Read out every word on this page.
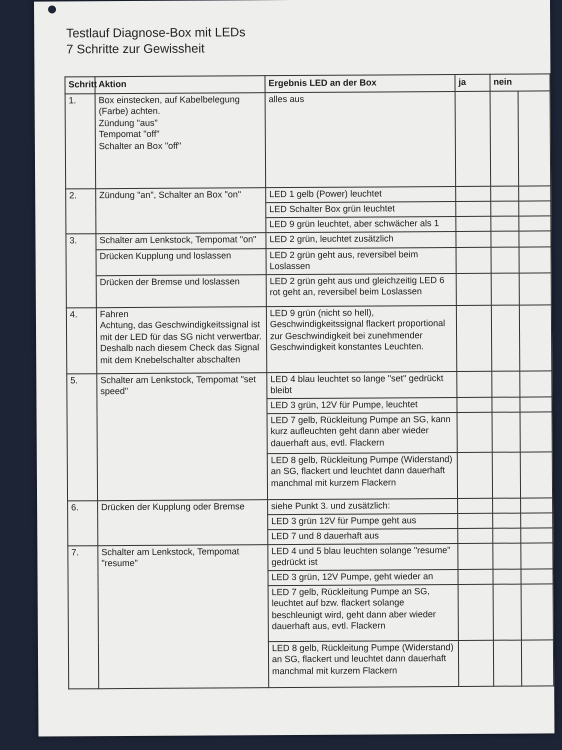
Testlauf Diagnose-Box mit LEDs
7 Schritte zur Gewissheit
Schritt	Aktion	Ergebnis LED an der Box	ja	nein	
1.	Box einstecken, auf Kabelbelegung (Farbe) achten.
Zündung "aus"
Tempomat "off"
Schalter an Box "off"	alles aus			
2.	Zündung "an", Schalter an Box "on"	LED 1 gelb (Power) leuchtet			
		LED Schalter Box grün leuchtet			
		LED 9 grün leuchtet, aber schwächer als 1			
3.	Schalter am Lenkstock, Tempomat "on"	LED 2 grün, leuchtet zusätzlich			
	Drücken Kupplung und loslassen	LED 2 grün geht aus, reversibel beim Loslassen			
	Drücken der Bremse und loslassen	LED 2 grün geht aus und gleichzeitig LED 6 rot geht an, reversibel beim Loslassen			
4.	Fahren
Achtung, das Geschwindigkeitssignal ist mit der LED für das SG nicht verwertbar. Deshalb nach diesem Check das Signal mit dem Knebelschalter abschalten	LED 9 grün (nicht so hell),
Geschwindigkeitssignal flackert proportional zur Geschwindigkeit bei zunehmender Geschwindigkeit konstantes Leuchten.			
5.	Schalter am Lenkstock, Tempomat "set speed"	LED 4 blau leuchtet so lange "set" gedrückt bleibt			
		LED 3 grün, 12V für Pumpe, leuchtet			
		LED 7 gelb, Rückleitung Pumpe an SG, kann kurz aufleuchten geht dann aber wieder dauerhaft aus, evtl. Flackern			
		LED 8 gelb, Rückleitung Pumpe (Widerstand) an SG, flackert und leuchtet dann dauerhaft manchmal mit kurzem Flackern			
6.	Drücken der Kupplung oder Bremse	siehe Punkt 3. und zusätzlich:			
		LED 3 grün 12V für Pumpe geht aus			
		LED 7 und 8 dauerhaft aus			
7.	Schalter am Lenkstock, Tempomat "resume"	LED 4 und 5 blau leuchten solange "resume" gedrückt ist			
		LED 3 grün, 12V Pumpe, geht wieder an			
		LED 7 gelb, Rückleitung Pumpe an SG, leuchtet auf bzw. flackert solange beschleunigt wird, geht dann aber wieder dauerhaft aus, evtl. Flackern			
		LED 8 gelb, Rückleitung Pumpe (Widerstand) an SG, flackert und leuchtet dann dauerhaft manchmal mit kurzem Flackern			
